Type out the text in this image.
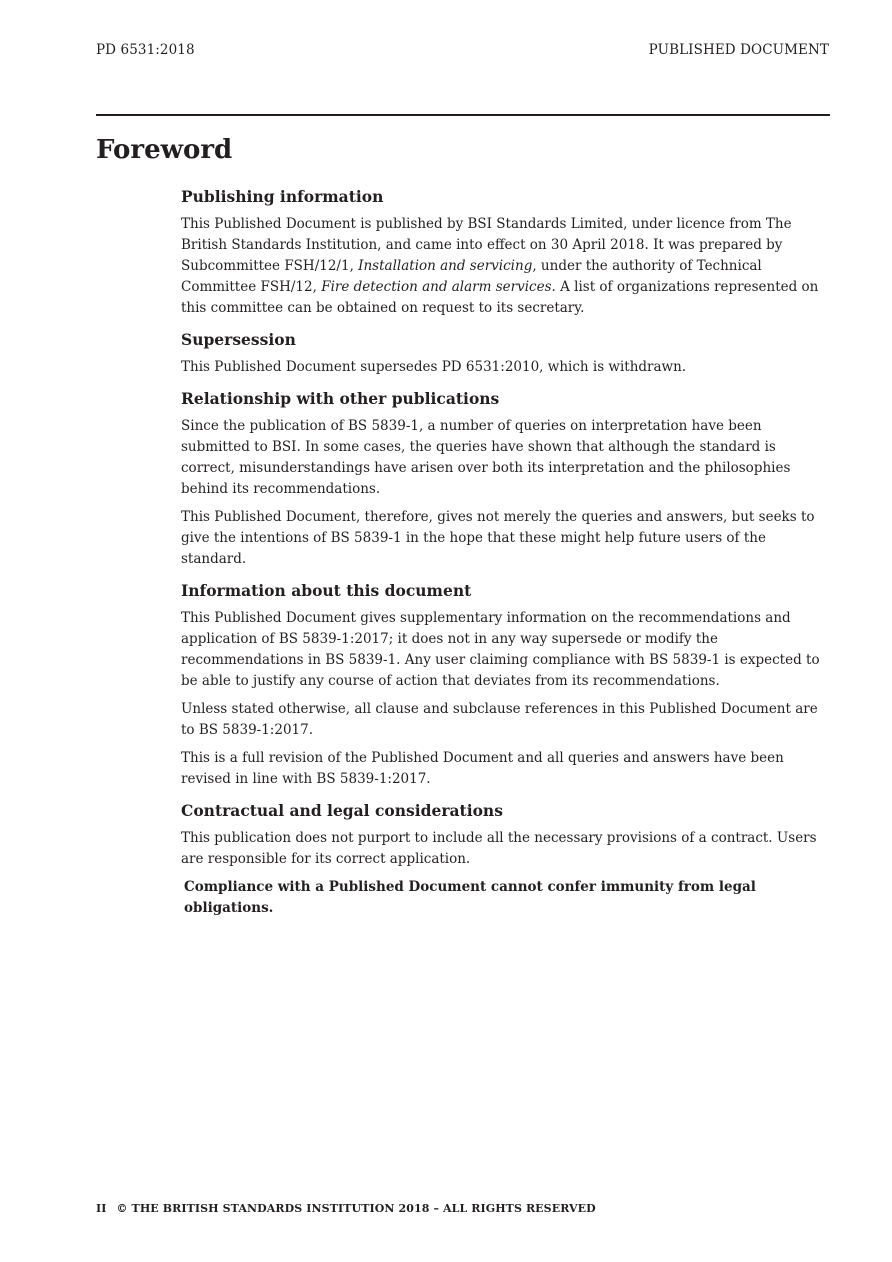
PD 6531:2018	PUBLISHED DOCUMENT
Foreword
Publishing information

This Published Document is published by BSI Standards Limited, under licence from The British Standards Institution, and came into effect on 30 April 2018. It was prepared by Subcommittee FSH/12/1, Installation and servicing, under the authority of Technical Committee FSH/12, Fire detection and alarm services. A list of organizations represented on this committee can be obtained on request to its secretary.

Supersession

This Published Document supersedes PD 6531:2010, which is withdrawn.

Relationship with other publications

Since the publication of BS 5839-1, a number of queries on interpretation have been submitted to BSI. In some cases, the queries have shown that although the standard is correct, misunderstandings have arisen over both its interpretation and the philosophies behind its recommendations.

This Published Document, therefore, gives not merely the queries and answers, but seeks to give the intentions of BS 5839-1 in the hope that these might help future users of the standard.

Information about this document

This Published Document gives supplementary information on the recommendations and application of BS 5839-1:2017; it does not in any way supersede or modify the recommendations in BS 5839-1. Any user claiming compliance with BS 5839-1 is expected to be able to justify any course of action that deviates from its recommendations.

Unless stated otherwise, all clause and subclause references in this Published Document are to BS 5839-1:2017.

This is a full revision of the Published Document and all queries and answers have been revised in line with BS 5839-1:2017.

Contractual and legal considerations

This publication does not purport to include all the necessary provisions of a contract. Users are responsible for its correct application.

Compliance with a Published Document cannot confer immunity from legal obligations.

II © THE BRITISH STANDARDS INSTITUTION 2018 – ALL RIGHTS RESERVED
